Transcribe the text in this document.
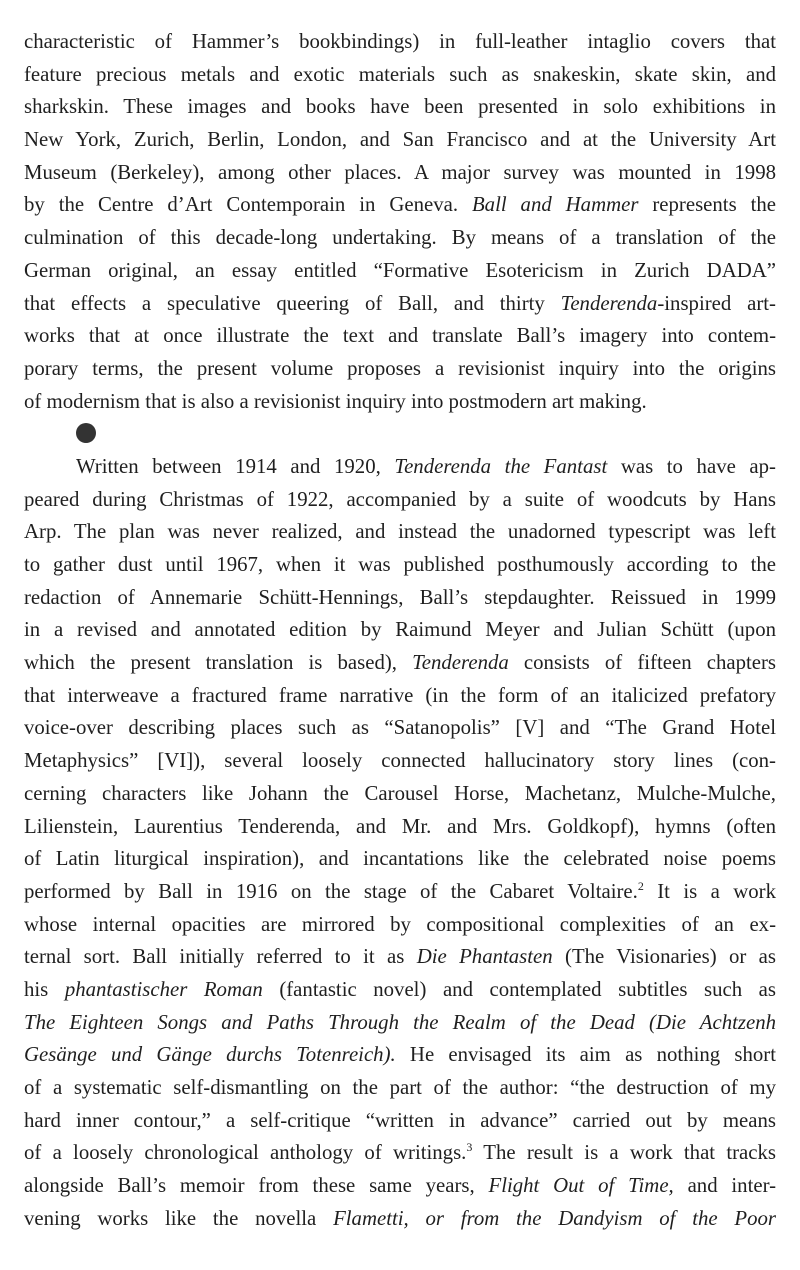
characteristic of Hammer’s bookbindings) in full-leather intaglio covers that
feature precious metals and exotic materials such as snakeskin, skate skin, and
sharkskin. These images and books have been presented in solo exhibitions in
New York, Zurich, Berlin, London, and San Francisco and at the University Art
Museum (Berkeley), among other places. A major survey was mounted in 1998
by the Centre d’Art Contemporain in Geneva. Ball and Hammer represents the
culmination of this decade-long undertaking. By means of a translation of the
German original, an essay entitled “Formative Esotericism in Zurich DADA”
that effects a speculative queering of Ball, and thirty Tenderenda-inspired art-
works that at once illustrate the text and translate Ball’s imagery into contem-
porary terms, the present volume proposes a revisionist inquiry into the origins
of modernism that is also a revisionist inquiry into postmodern art making.
Written between 1914 and 1920, Tenderenda the Fantast was to have ap-
peared during Christmas of 1922, accompanied by a suite of woodcuts by Hans
Arp. The plan was never realized, and instead the unadorned typescript was left
to gather dust until 1967, when it was published posthumously according to the
redaction of Annemarie Schütt-Hennings, Ball’s stepdaughter. Reissued in 1999
in a revised and annotated edition by Raimund Meyer and Julian Schütt (upon
which the present translation is based), Tenderenda consists of fifteen chapters
that interweave a fractured frame narrative (in the form of an italicized prefatory
voice-over describing places such as “Satanopolis” [V] and “The Grand Hotel
Metaphysics” [VI]), several loosely connected hallucinatory story lines (con-
cerning characters like Johann the Carousel Horse, Machetanz, Mulche-Mulche,
Lilienstein, Laurentius Tenderenda, and Mr. and Mrs. Goldkopf), hymns (often
of Latin liturgical inspiration), and incantations like the celebrated noise poems
performed by Ball in 1916 on the stage of the Cabaret Voltaire.$^2$ It is a work
whose internal opacities are mirrored by compositional complexities of an ex-
ternal sort. Ball initially referred to it as Die Phantasten (The Visionaries) or as
his phantastischer Roman (fantastic novel) and contemplated subtitles such as
The Eighteen Songs and Paths Through the Realm of the Dead (Die Achtzenh
Gesänge und Gänge durchs Totenreich). He envisaged its aim as nothing short
of a systematic self-dismantling on the part of the author: “the destruction of my
hard inner contour,” a self-critique “written in advance” carried out by means
of a loosely chronological anthology of writings.$^3$ The result is a work that tracks
alongside Ball’s memoir from these same years, Flight Out of Time, and inter-
vening works like the novella Flametti, or from the Dandyism of the Poor
